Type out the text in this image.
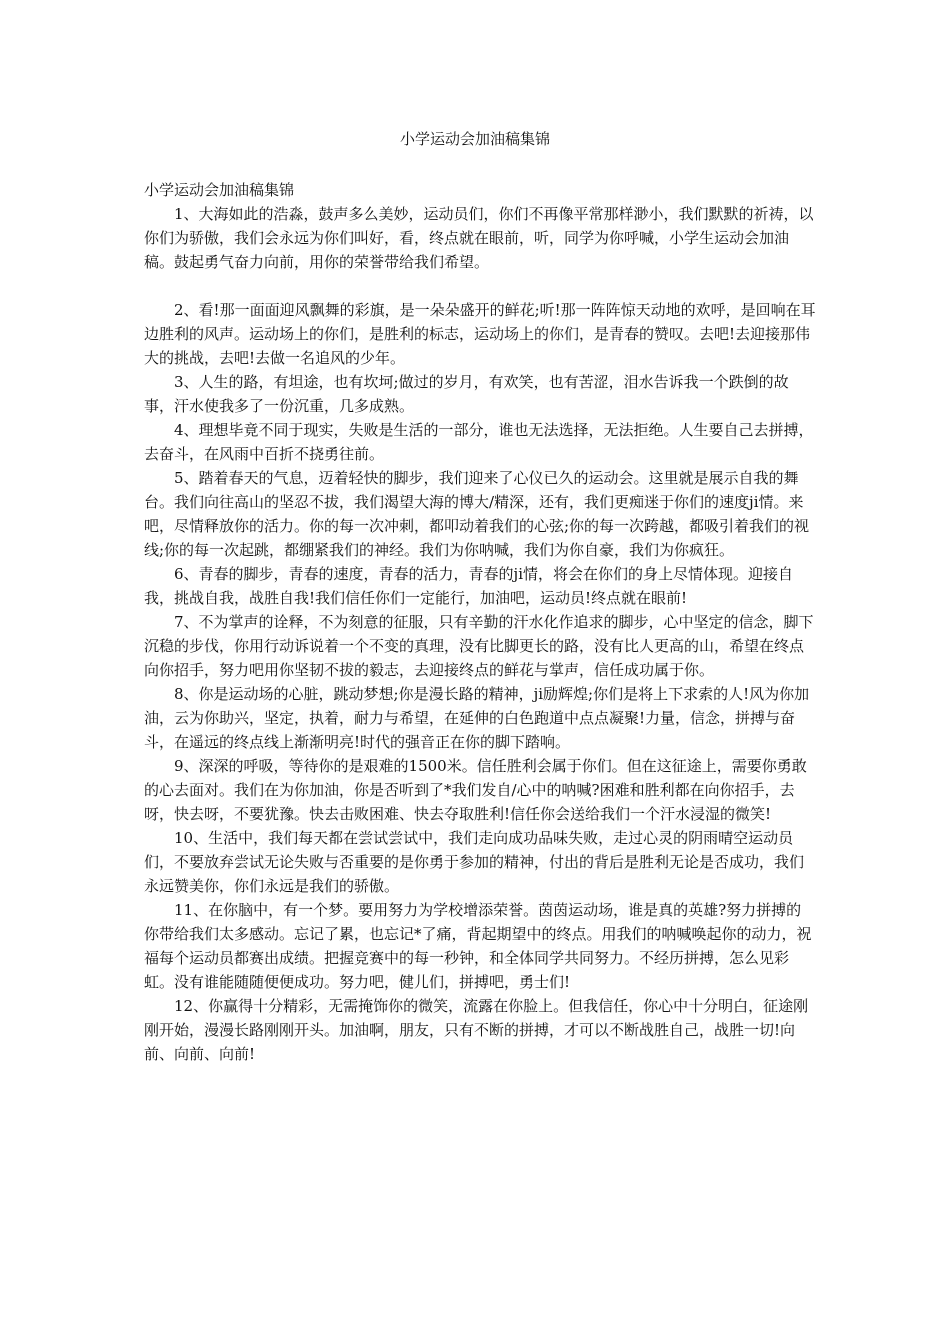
小学运动会加油稿集锦

小学运动会加油稿集锦

1、大海如此的浩淼，鼓声多么美妙，运动员们，你们不再像平常那样渺小，我们默默的祈祷，以你们为骄傲，我们会永远为你们叫好，看，终点就在眼前，听，同学为你呼喊，小学生运动会加油稿。鼓起勇气奋力向前，用你的荣誉带给我们希望。

2、看!那一面面迎风飘舞的彩旗，是一朵朵盛开的鲜花;听!那一阵阵惊天动地的欢呼，是回响在耳边胜利的风声。运动场上的你们，是胜利的标志，运动场上的你们，是青春的赞叹。去吧!去迎接那伟大的挑战，去吧!去做一名追风的少年。

3、人生的路，有坦途，也有坎坷;做过的岁月，有欢笑，也有苦涩，泪水告诉我一个跌倒的故事，汗水使我多了一份沉重，几多成熟。

4、理想毕竟不同于现实，失败是生活的一部分，谁也无法选择，无法拒绝。人生要自己去拼搏，去奋斗，在风雨中百折不挠勇往前。

5、踏着春天的气息，迈着轻快的脚步，我们迎来了心仪已久的运动会。这里就是展示自我的舞台。我们向往高山的坚忍不拔，我们渴望大海的博大/精深，还有，我们更痴迷于你们的速度ji情。来吧，尽情释放你的活力。你的每一次冲刺，都叩动着我们的心弦;你的每一次跨越，都吸引着我们的视线;你的每一次起跳，都绷紧我们的神经。我们为你呐喊，我们为你自豪，我们为你疯狂。

6、青春的脚步，青春的速度，青春的活力，青春的ji情，将会在你们的身上尽情体现。迎接自我，挑战自我，战胜自我!我们信任你们一定能行，加油吧，运动员!终点就在眼前!

7、不为掌声的诠释，不为刻意的征服，只有辛勤的汗水化作追求的脚步，心中坚定的信念，脚下沉稳的步伐，你用行动诉说着一个不变的真理，没有比脚更长的路，没有比人更高的山，希望在终点向你招手，努力吧用你坚韧不拔的毅志，去迎接终点的鲜花与掌声，信任成功属于你。

8、你是运动场的心脏，跳动梦想;你是漫长路的精神，ji励辉煌;你们是将上下求索的人!风为你加油，云为你助兴，坚定，执着，耐力与希望，在延伸的白色跑道中点点凝聚!力量，信念，拼搏与奋斗，在遥远的终点线上渐渐明亮!时代的强音正在你的脚下踏响。

9、深深的呼吸，等待你的是艰难的1500米。信任胜利会属于你们。但在这征途上，需要你勇敢的心去面对。我们在为你加油，你是否听到了*我们发自/心中的呐喊?困难和胜利都在向你招手，去呀，快去呀，不要犹豫。快去击败困难、快去夺取胜利!信任你会送给我们一个汗水浸湿的微笑!

10、生活中，我们每天都在尝试尝试中，我们走向成功品味失败，走过心灵的阴雨晴空运动员们，不要放弃尝试无论失败与否重要的是你勇于参加的精神，付出的背后是胜利无论是否成功，我们永远赞美你，你们永远是我们的骄傲。

11、在你脑中，有一个梦。要用努力为学校增添荣誉。茵茵运动场，谁是真的英雄?努力拼搏的你带给我们太多感动。忘记了累，也忘记*了痛，背起期望中的终点。用我们的呐喊唤起你的动力，祝福每个运动员都赛出成绩。把握竞赛中的每一秒钟，和全体同学共同努力。不经历拼搏，怎么见彩虹。没有谁能随随便便成功。努力吧，健儿们，拼搏吧，勇士们!

12、你赢得十分精彩，无需掩饰你的微笑，流露在你脸上。但我信任，你心中十分明白，征途刚刚开始，漫漫长路刚刚开头。加油啊，朋友，只有不断的拼搏，才可以不断战胜自己，战胜一切!向前、向前、向前!
